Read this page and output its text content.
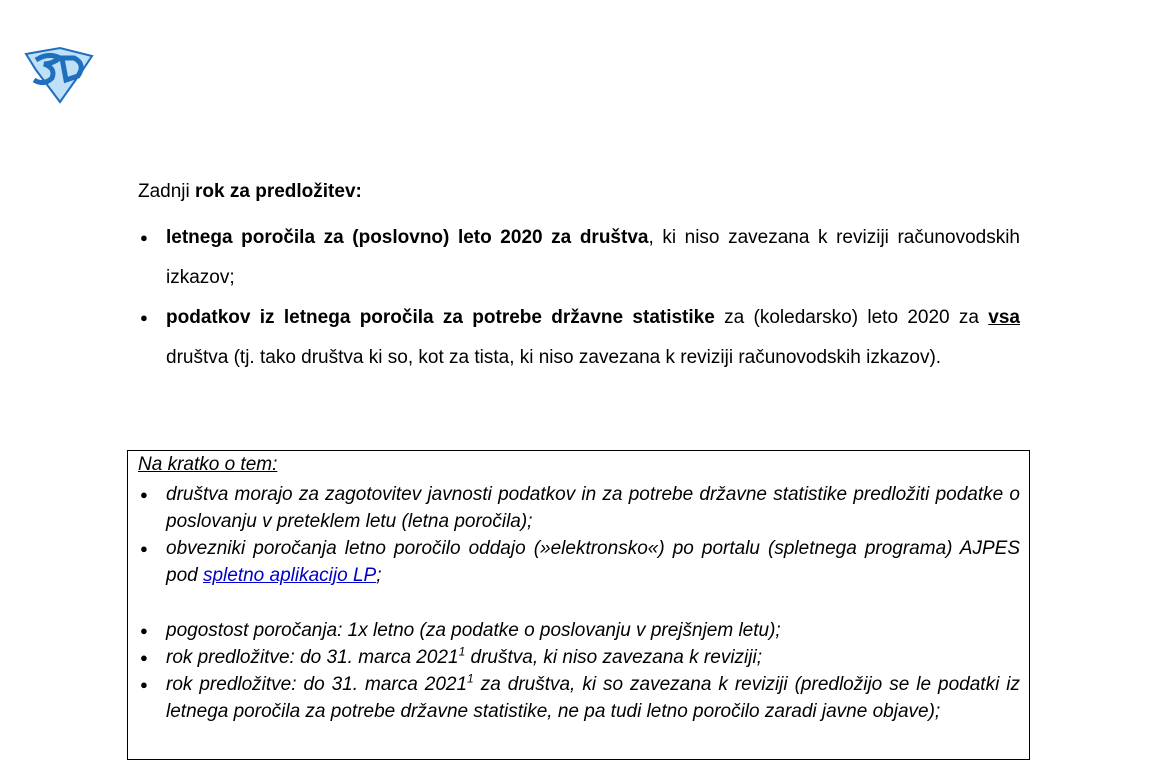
Zadnji rok za predložitev:
● letnega poročila za (poslovno) leto 2020 za društva, ki niso zavezana k reviziji računovodskih izkazov;
● podatkov iz letnega poročila za potrebe državne statistike za (koledarsko) leto 2020 za vsa društva (tj. tako društva ki so, kot za tista, ki niso zavezana k reviziji računovodskih izkazov).
Na kratko o tem:
● društva morajo za zagotovitev javnosti podatkov in za potrebe državne statistike predložiti podatke o poslovanju v preteklem letu (letna poročila);
● obvezniki poročanja letno poročilo oddajo (»elektronsko«) po portalu (spletnega programa) AJPES pod spletno aplikacijo LP;
● pogostost poročanja: 1x letno (za podatke o poslovanju v prejšnjem letu);
● rok predložitve: do 31. marca 2021$^1$ društva, ki niso zavezana k reviziji;
● rok predložitve: do 31. marca 2021$^1$ za društva, ki so zavezana k reviziji (predložijo se le podatki iz letnega poročila za potrebe državne statistike, ne pa tudi letno poročilo zaradi javne objave);
